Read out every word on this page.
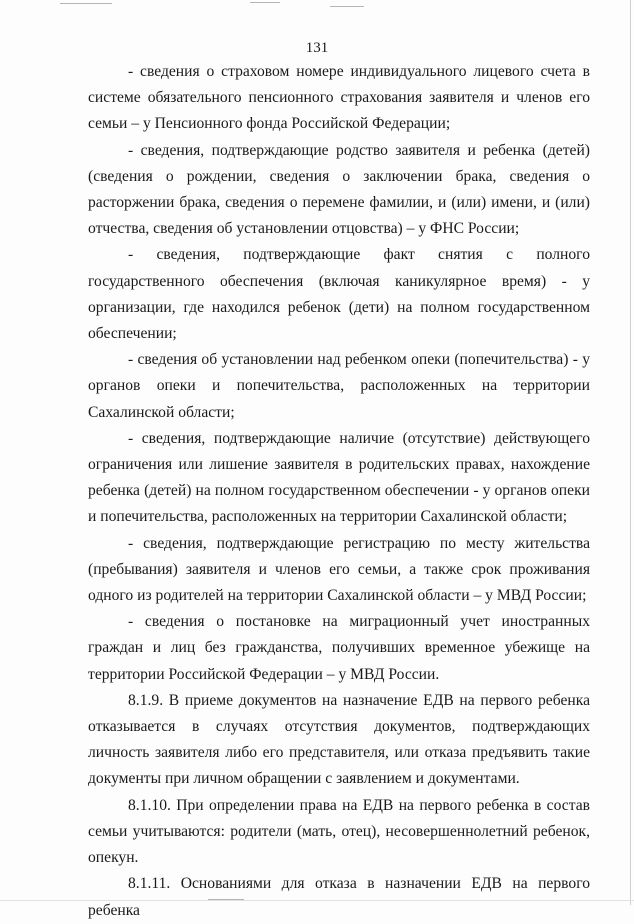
131

- сведения о страховом номере индивидуального лицевого счета в системе обязательного пенсионного страхования заявителя и членов его семьи – у Пенсионного фонда Российской Федерации;

- сведения, подтверждающие родство заявителя и ребенка (детей) (сведения о рождении, сведения о заключении брака, сведения о расторжении брака, сведения о перемене фамилии, и (или) имени, и (или) отчества, сведения об установлении отцовства) – у ФНС России;

- сведения, подтверждающие факт снятия с полного государственного обеспечения (включая каникулярное время) - у организации, где находился ребенок (дети) на полном государственном обеспечении;

- сведения об установлении над ребенком опеки (попечительства) - у органов опеки и попечительства, расположенных на территории Сахалинской области;

- сведения, подтверждающие наличие (отсутствие) действующего ограничения или лишение заявителя в родительских правах, нахождение ребенка (детей) на полном государственном обеспечении - у органов опеки и попечительства, расположенных на территории Сахалинской области;

- сведения, подтверждающие регистрацию по месту жительства (пребывания) заявителя и членов его семьи, а также срок проживания одного из родителей на территории Сахалинской области – у МВД России;

- сведения о постановке на миграционный учет иностранных граждан и лиц без гражданства, получивших временное убежище на территории Российской Федерации – у МВД России.

8.1.9. В приеме документов на назначение ЕДВ на первого ребенка отказывается в случаях отсутствия документов, подтверждающих личность заявителя либо его представителя, или отказа предъявить такие документы при личном обращении с заявлением и документами.

8.1.10. При определении права на ЕДВ на первого ребенка в состав семьи учитываются: родители (мать, отец), несовершеннолетний ребенок, опекун.

8.1.11. Основаниями для отказа в назначении ЕДВ на первого ребенка
